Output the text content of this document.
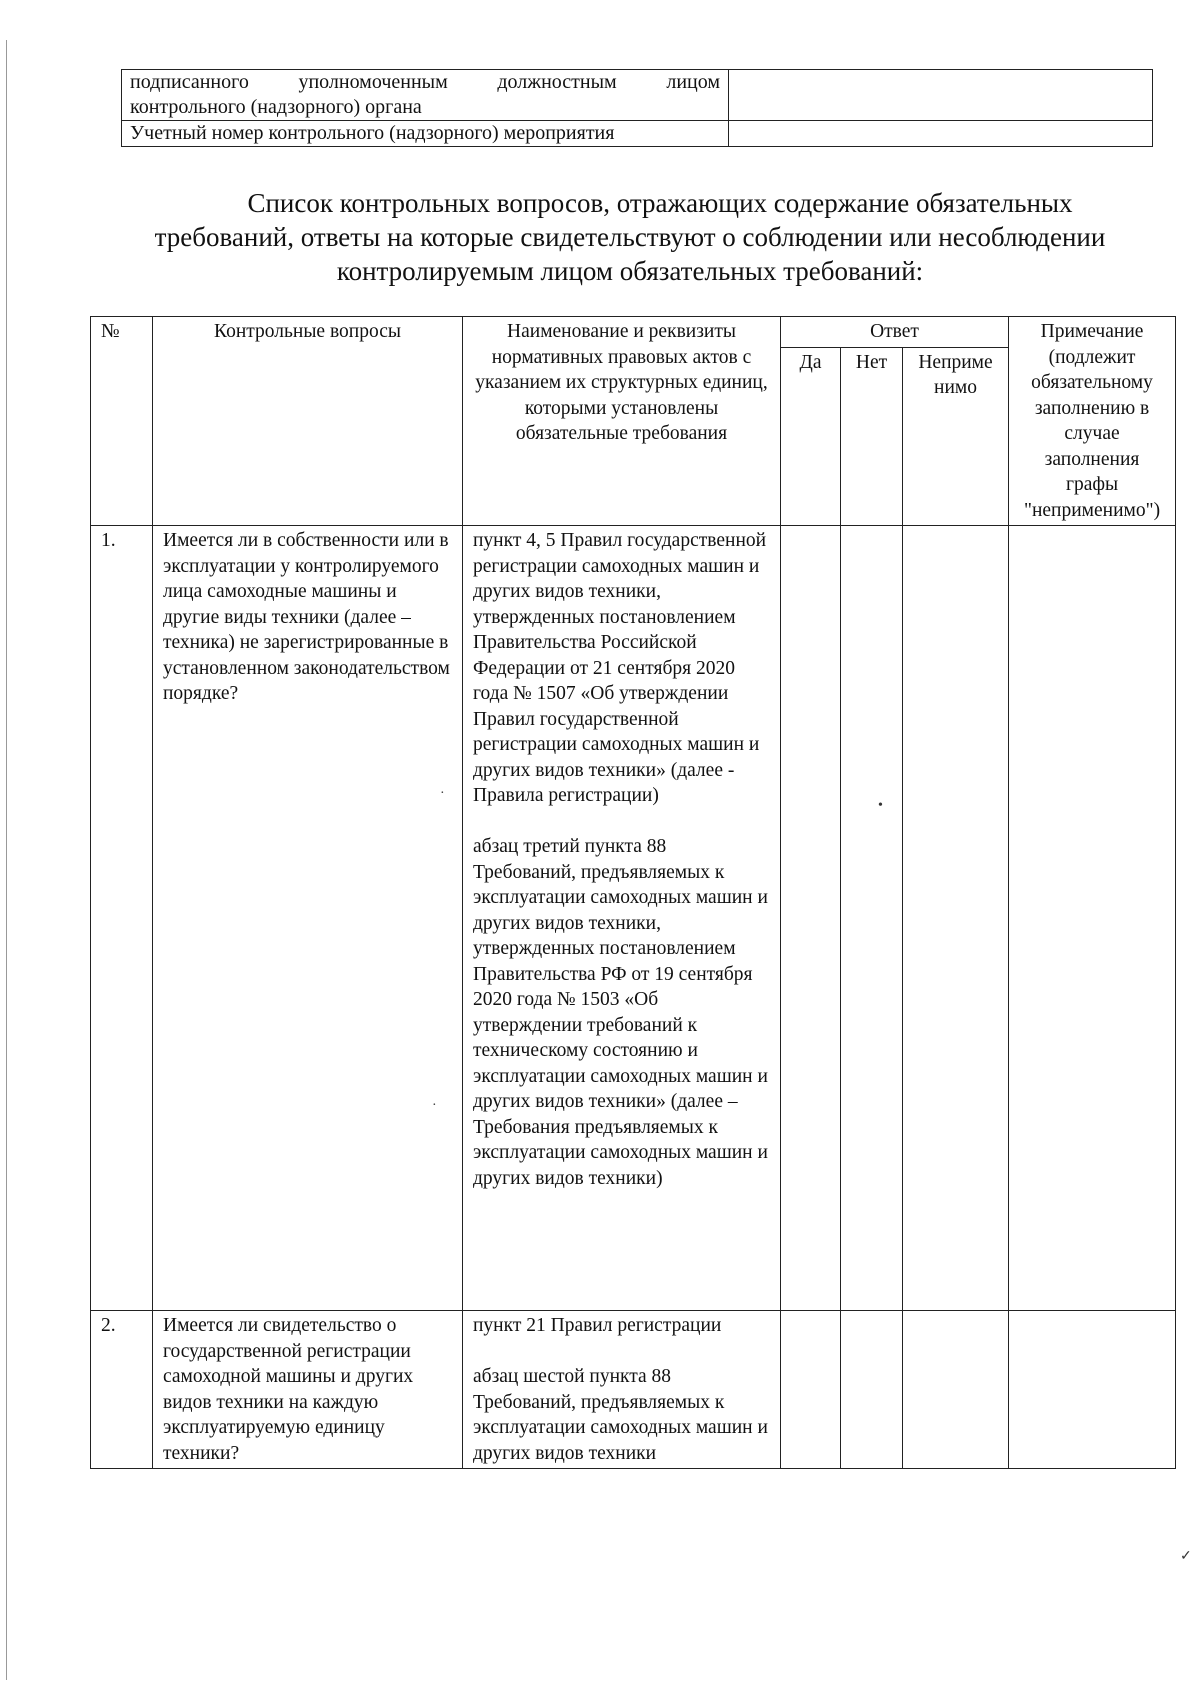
подписанного уполномоченным должностным лицом
контрольного (надзорного) органа	

Учетный номер контрольного (надзорного) мероприятия	
Список контрольных вопросов, отражающих содержание обязательных
требований, ответы на которые свидетельствуют о соблюдении или несоблюдении
контролируемым лицом обязательных требований:
№	Контрольные вопросы	Наименование и реквизиты нормативных правовых актов с указанием их структурных единиц, которыми установлены обязательные требования	Ответ			Примечание (подлежит обязательному заполнению в случае заполнения графы "неприменимо")
			Да	Нет	Неприме нимо	
1.	Имеется ли в собственности или в эксплуатации у контролируемого лица самоходные машины и другие виды техники (далее – техника) не зарегистрированные в установленном законодательством порядке?	пункт 4, 5 Правил государственной регистрации самоходных машин и других видов техники, утвержденных постановлением Правительства Российской Федерации от 21 сентября 2020 года № 1507 «Об утверждении Правил государственной регистрации самоходных машин и других видов техники» (далее - Правила регистрации)

абзац третий пункта 88 Требований, предъявляемых к эксплуатации самоходных машин и других видов техники, утвержденных постановлением Правительства РФ от 19 сентября 2020 года № 1503 «Об утверждении требований к техническому состоянию и эксплуатации самоходных машин и других видов техники» (далее – Требования предъявляемых к эксплуатации самоходных машин и других видов техники)				
2.	Имеется ли свидетельство о государственной регистрации самоходной машины и других видов техники на каждую эксплуатируемую единицу техники?	пункт 21 Правил регистрации

абзац шестой пункта 88 Требований, предъявляемых к эксплуатации самоходных машин и других видов техники				
•
·
·
✓
